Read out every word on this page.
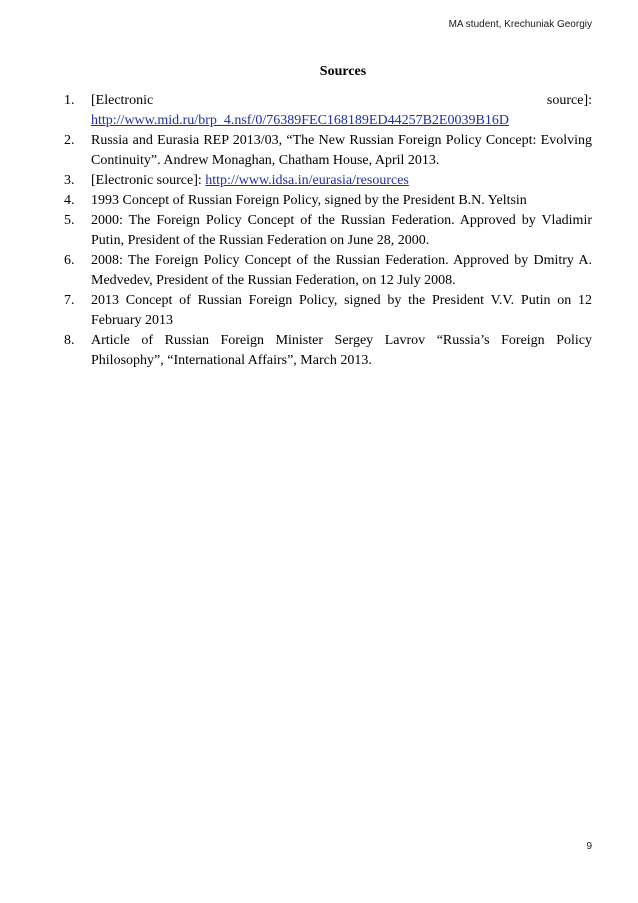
MA student, Krechuniak Georgiy
Sources
1. [Electronic	source]:
http://www.mid.ru/brp_4.nsf/0/76389FEC168189ED44257B2E0039B16D
2. Russia and Eurasia REP 2013/03, “The New Russian Foreign Policy Concept: Evolving Continuity”. Andrew Monaghan, Chatham House, April 2013.
3. [Electronic source]: http://www.idsa.in/eurasia/resources
4. 1993 Concept of Russian Foreign Policy, signed by the President B.N. Yeltsin
5. 2000: The Foreign Policy Concept of the Russian Federation. Approved by Vladimir Putin, President of the Russian Federation on June 28, 2000.
6. 2008: The Foreign Policy Concept of the Russian Federation. Approved by Dmitry A. Medvedev, President of the Russian Federation, on 12 July 2008.
7. 2013 Concept of Russian Foreign Policy, signed by the President V.V. Putin on 12 February 2013
8. Article of Russian Foreign Minister Sergey Lavrov “Russia’s Foreign Policy Philosophy”, “International Affairs”, March 2013.
9
